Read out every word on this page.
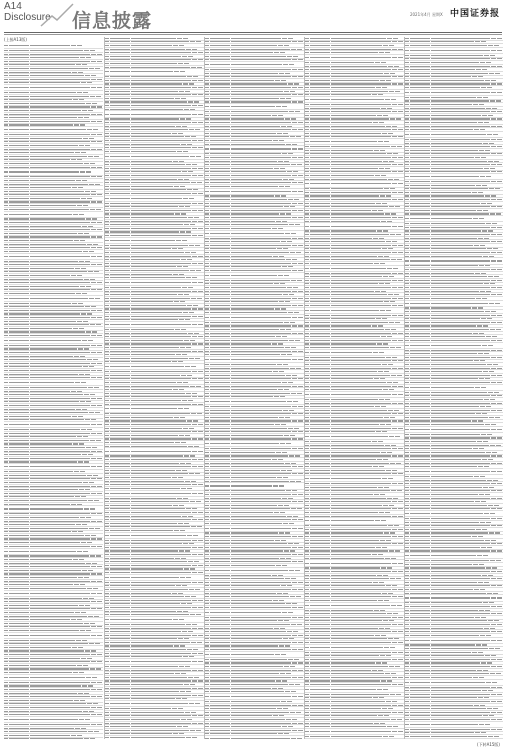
A14
Disclosure 信息披露	2021年4月 星期X 中国证券报
(上接A13版)
(下转A15版)
